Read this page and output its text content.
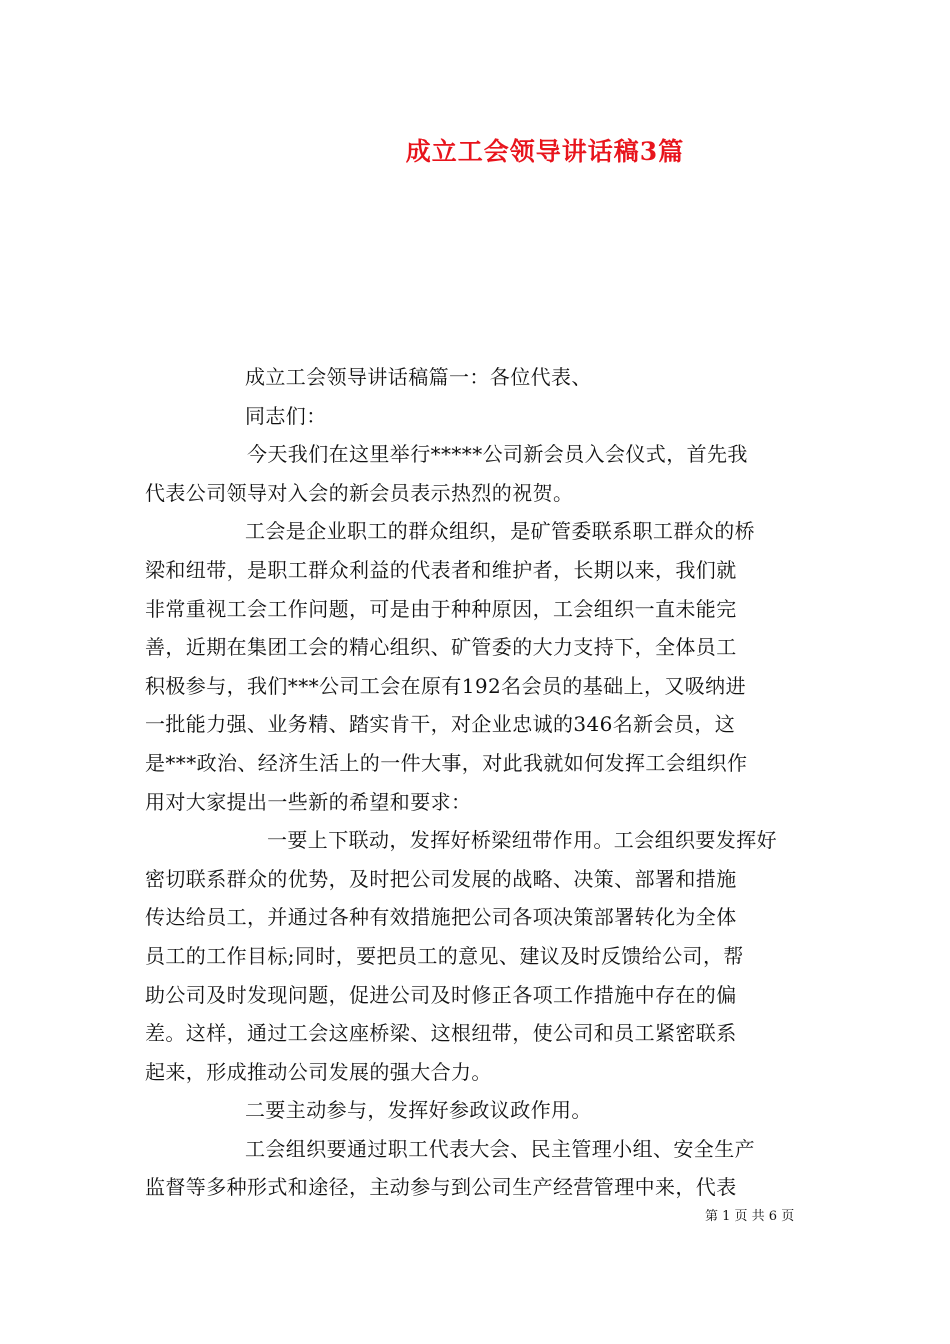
成立工会领导讲话稿3篇
成立工会领导讲话稿篇一：各位代表、
同志们：
今天我们在这里举行*****公司新会员入会仪式，首先我
代表公司领导对入会的新会员表示热烈的祝贺。
工会是企业职工的群众组织，是矿管委联系职工群众的桥
梁和纽带，是职工群众利益的代表者和维护者，长期以来，我们就
非常重视工会工作问题，可是由于种种原因，工会组织一直未能完
善，近期在集团工会的精心组织、矿管委的大力支持下，全体员工
积极参与，我们***公司工会在原有192名会员的基础上，又吸纳进
一批能力强、业务精、踏实肯干，对企业忠诚的346名新会员，这
是***政治、经济生活上的一件大事，对此我就如何发挥工会组织作
用对大家提出一些新的希望和要求：
一要上下联动，发挥好桥梁纽带作用。工会组织要发挥好
密切联系群众的优势，及时把公司发展的战略、决策、部署和措施
传达给员工，并通过各种有效措施把公司各项决策部署转化为全体
员工的工作目标;同时，要把员工的意见、建议及时反馈给公司，帮
助公司及时发现问题，促进公司及时修正各项工作措施中存在的偏
差。这样，通过工会这座桥梁、这根纽带，使公司和员工紧密联系
起来，形成推动公司发展的强大合力。
二要主动参与，发挥好参政议政作用。
工会组织要通过职工代表大会、民主管理小组、安全生产
监督等多种形式和途径，主动参与到公司生产经营管理中来，代表
第 1 页 共 6 页
